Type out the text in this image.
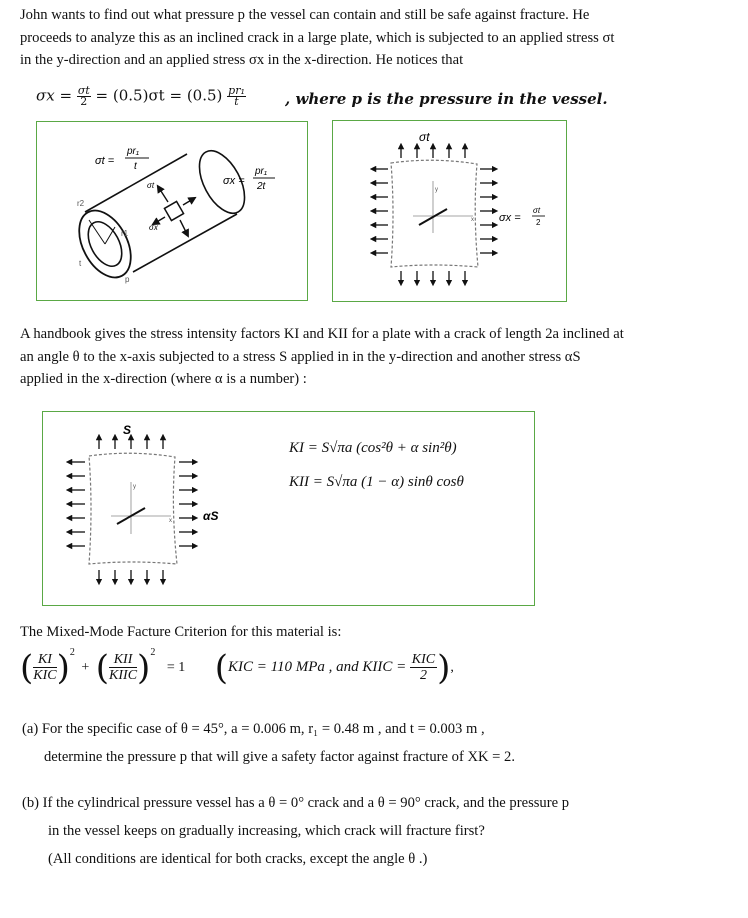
John wants to find out what pressure p the vessel can contain and still be safe against fracture. He
proceeds to analyze this as an inclined crack in a large plate, which is subjected to an applied stress σt
in the y-direction and an applied stress σx in the x-direction. He notices that

$\sigma x = \frac{\sigma t}{2} = (0.5)\sigma t = (0.5) \frac{\text{pr₁}}{t}$	, where p is the pressure in the vessel.
σt
σx
r2
r1
t
p
σt =
pr₁
t
σx =
pr₁
2t
σt
y
x σx =
σt
2

A handbook gives the stress intensity factors KI and KII for a plate with a crack of length 2a inclined at
an angle θ to the x-axis subjected to a stress S applied in in the y-direction and another stress αS
applied in the x-direction (where α is a number) :

S
y
x	αS
KI = S√πa (cos²θ + α sin²θ)
KII = S√πa (1 − α) sinθ cosθ

The Mixed-Mode Facture Criterion for this material is:

( $\frac{KI}{\text{KIC}})^2$ + ( $\frac{\text{KII}}{\text{KIIC}})^2 = 1$ (KIC = 110 MPa , and KIIC = $\frac{\text{KIC}}{2}$),
(a) For the specific case of θ = 45°, a = 0.006 m, r₁ = 0.48 m , and t = 0.003 m ,
determine the pressure p that will give a safety factor against fracture of XK = 2.
(b) If the cylindrical pressure vessel has a θ = 0° crack and a θ = 90° crack, and the pressure p
in the vessel keeps on gradually increasing, which crack will fracture first?
(All conditions are identical for both cracks, except the angle θ .)
